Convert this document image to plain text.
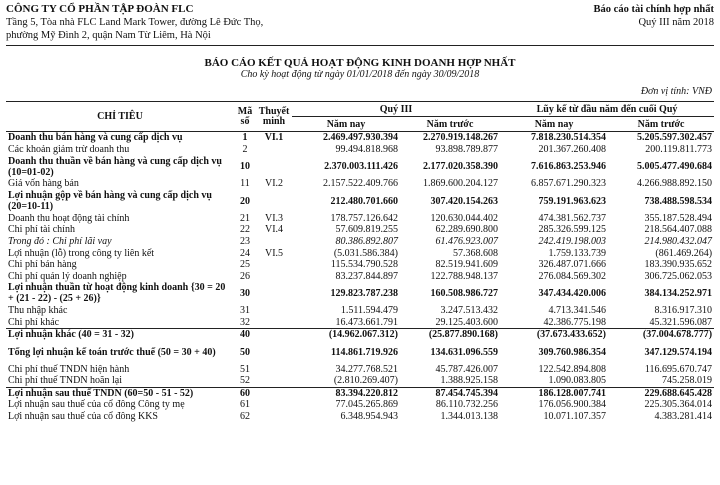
CÔNG TY CỔ PHẦN TẬP ĐOÀN FLC
Tầng 5, Tòa nhà FLC Land Mark Tower, đường Lê Đức Thọ,
phường Mỹ Đình 2, quận Nam Từ Liêm, Hà Nội
Báo cáo tài chính hợp nhất
Quý III năm 2018
BÁO CÁO KẾT QUẢ HOẠT ĐỘNG KINH DOANH HỢP NHẤT
Cho kỳ hoạt động từ ngày 01/01/2018 đến ngày 30/09/2018
Đơn vị tính: VNĐ
CHỈ TIÊU	Mã số	Thuyết minh	Quý III		Lũy kế từ đầu năm đến cuối Quý	
			Năm nay	Năm trước	Năm nay	Năm trước
Doanh thu bán hàng và cung cấp dịch vụ	1	VI.1	2.469.497.930.394	2.270.919.148.267	7.818.230.514.354	5.205.597.302.457
Các khoản giảm trừ doanh thu	2		99.494.818.968	93.898.789.877	201.367.260.408	200.119.811.773
Doanh thu thuần về bán hàng và cung cấp dịch vụ (10=01-02)	10		2.370.003.111.426	2.177.020.358.390	7.616.863.253.946	5.005.477.490.684
Giá vốn hàng bán	11	VI.2	2.157.522.409.766	1.869.600.204.127	6.857.671.290.323	4.266.988.892.150
Lợi nhuận gộp về bán hàng và cung cấp dịch vụ (20=10-11)	20		212.480.701.660	307.420.154.263	759.191.963.623	738.488.598.534
Doanh thu hoạt động tài chính	21	VI.3	178.757.126.642	120.630.044.402	474.381.562.737	355.187.528.494
Chi phí tài chính	22	VI.4	57.609.819.255	62.289.690.800	285.326.599.125	218.564.407.088
Trong đó : Chi phí lãi vay	23		80.386.892.807	61.476.923.007	242.419.198.003	214.980.432.047
Lợi nhuận (lỗ) trong công ty liên kết	24	VI.5	(5.031.586.384)	57.368.608	1.759.133.739	(861.469.264)
Chi phí bán hàng	25		115.534.790.528	82.519.941.609	326.487.071.666	183.390.935.652
Chi phí quản lý doanh nghiệp	26		83.237.844.897	122.788.948.137	276.084.569.302	306.725.062.053
Lợi nhuận thuần từ hoạt động kinh doanh {30 = 20 + (21 - 22) - (25 + 26)}	30		129.823.787.238	160.508.986.727	347.434.420.006	384.134.252.971
Thu nhập khác	31		1.511.594.479	3.247.513.432	4.713.341.546	8.316.917.310
Chi phí khác	32		16.473.661.791	29.125.403.600	42.386.775.198	45.321.596.087
Lợi nhuận khác (40 = 31 - 32)	40		(14.962.067.312)	(25.877.890.168)	(37.673.433.652)	(37.004.678.777)
Tổng lợi nhuận kế toán trước thuế (50 = 30 + 40)	50		114.861.719.926	134.631.096.559	309.760.986.354	347.129.574.194
Chi phí thuế TNDN hiện hành	51		34.277.768.521	45.787.426.007	122.542.894.808	116.695.670.747
Chi phí thuế TNDN hoãn lại	52		(2.810.269.407)	1.388.925.158	1.090.083.805	745.258.019
Lợi nhuận sau thuế TNDN (60=50 - 51 - 52)	60		83.394.220.812	87.454.745.394	186.128.007.741	229.688.645.428
Lợi nhuận sau thuế của cổ đông Công ty mẹ	61		77.045.265.869	86.110.732.256	176.056.900.384	225.305.364.014
Lợi nhuận sau thuế của cổ đông KKS	62		6.348.954.943	1.344.013.138	10.071.107.357	4.383.281.414
